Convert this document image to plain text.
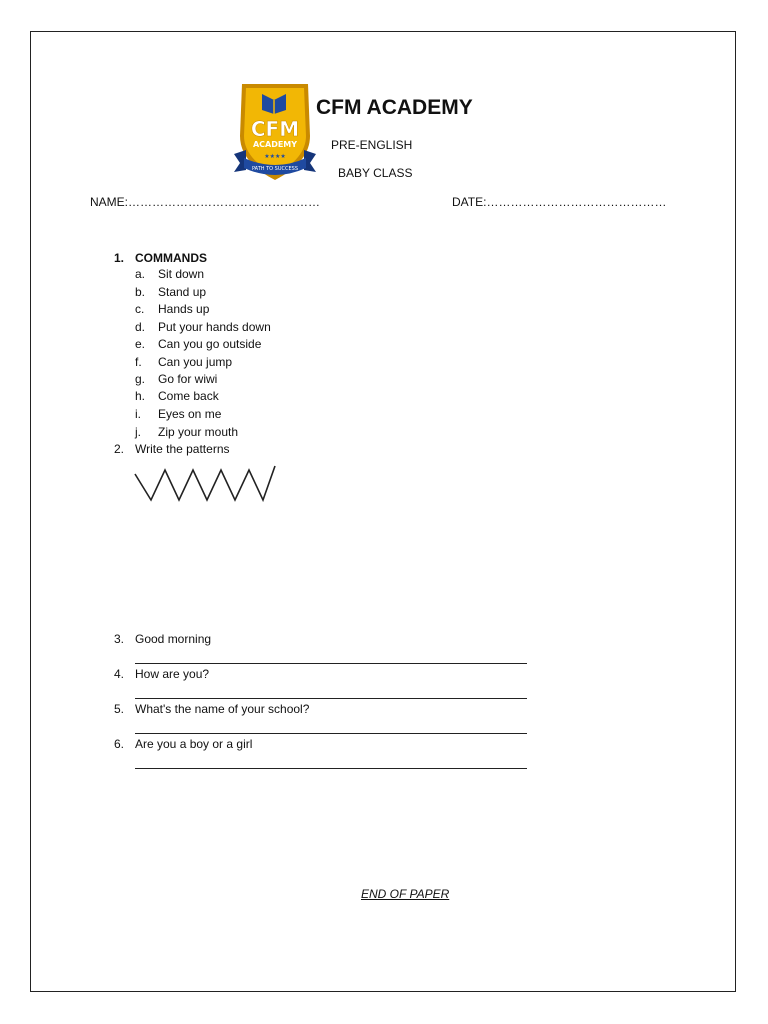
CFM
ACADEMY
★★★★
PATH TO SUCCESS
CFM ACADEMY
PRE-ENGLISH
BABY CLASS
NAME:…………………………………………	DATE:………………………………………
1. COMMANDS
a. Sit down
b. Stand up
c. Hands up
d. Put your hands down
e. Can you go outside
f. Can you jump
g. Go for wiwi
h. Come back
i. Eyes on me
j. Zip your mouth
2. Write the patterns
3. Good morning
4. How are you?
5. What's the name of your school?
6. Are you a boy or a girl
END OF PAPER
